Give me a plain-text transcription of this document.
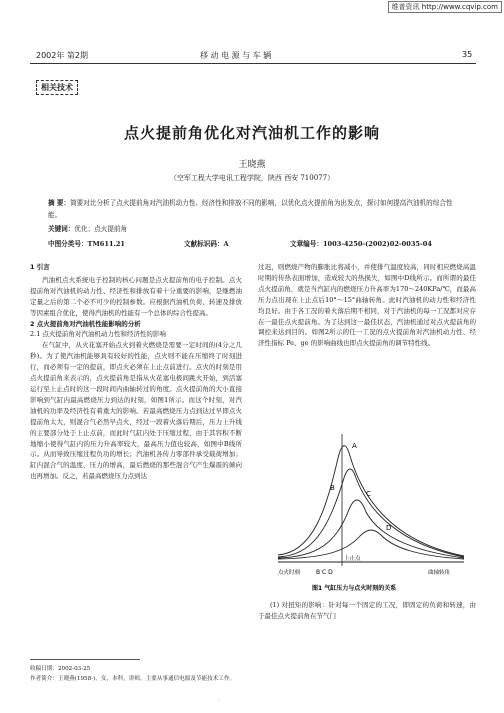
维普资讯 http://www.cqvip.com
2002年 第2期	移 动 电 源 与 车 辆	35
相关技术
点火提前角优化对汽油机工作的影响
王晓燕
（空军工程大学电讯工程学院，陕西 西安 710077）
摘 要：简要对比分析了点火提前角对汽油机动力性、经济性和排放不同的影响，以优化点火提前角为出发点，探讨如何提高汽油机的综合性能。
关键词：优化；点火提前角
中图分类号：TM611.21	文献标识码：A	文章编号：1003-4250-(2002)02-0035-04

1 引言

汽油机点火系统电子控制的核心问题是点火提前角的电子控制。点火提前角对汽油机的动力性、经济性和排放有着十分重要的影响，是继燃油定量之后的第二个必不可少的控制参数。应根据汽油机负荷、转速及排放等因素组合优化，使得汽油机的性能有一个总体的综合性提高。

2 点火提前角对汽油机性能影响的分析

2.1 点火提前角对汽油机动力性和经济性的影响

在气缸中，从火花塞开始点火到着火燃烧是需要一定时间的(4分之几秒)。为了使汽油机能够具有较好的性能，点火则不能在压缩终了时刻进行，而必须有一定的提前，即点火必须在上止点前进行。点火的时刻是用点火提前角来表示的，点火提前角是指从火花塞电极间跳火开始，到活塞运行至上止点时的这一段时间内曲轴转过的角度。点火提前角的大小直接影响到气缸内最高燃烧压力到达的时刻，如图1所示。而这个时刻，对汽油机的功率及经济性有着重大的影响。若最高燃烧压力点到达过早即点火提前角太大，则混合气必然早点火，经过一段着火落后期后，压力上升线的主要部分处于上止点前，而此时气缸内处于压缩过程，由于其容积不断地缩小使得气缸内的压力升高率较大，最高压力值也较高，如图中B线所示。从而导致压缩过程负功的增长；汽油机各传力零部件承受载荷增加；缸内混合气的温度、压力的增高，最后燃烧的那些混合气产生爆震的倾向也再增加。反之，若最高燃烧压力点到达

过迟，则燃烧产物的膨胀比将减小，并使排气温度较高，同时相应燃烧高温时期的传热表面增加，造成较大的热损失，如图中D线所示。而所谓的最佳点火提前角，就是当汽缸内的燃烧压力升高率为170～240KPa/℃，而最高压力点出现在上止点后10°～15°曲轴转角。此时汽油机的动力性和经济性均良好。由于各工况的着火落后期不相同，对于汽油机的每一工况都对应存在一最佳点火提前角。为了达到这一最佳状态，汽油机通过对点火提前角的调控来达到目的。如图2所示的任一工况的点火提前角对汽油机动力性、经济性指标 Pe、ge 的影响曲线也即点火提前角的调节特性线。

A
B
C
D
上止点
点火时刻	B C D	曲轴转角
图1 气缸压力与点火时刻的关系

(1) 对扭矩的影响：针对每一个固定的工况，即固定的负荷和转速，由于最佳点火提前角在节气门

收稿日期：2002-03-25
作者简介：王晓燕(1958-)，女，本科，讲师，主要从事通信电源及节能技术工作。
·
